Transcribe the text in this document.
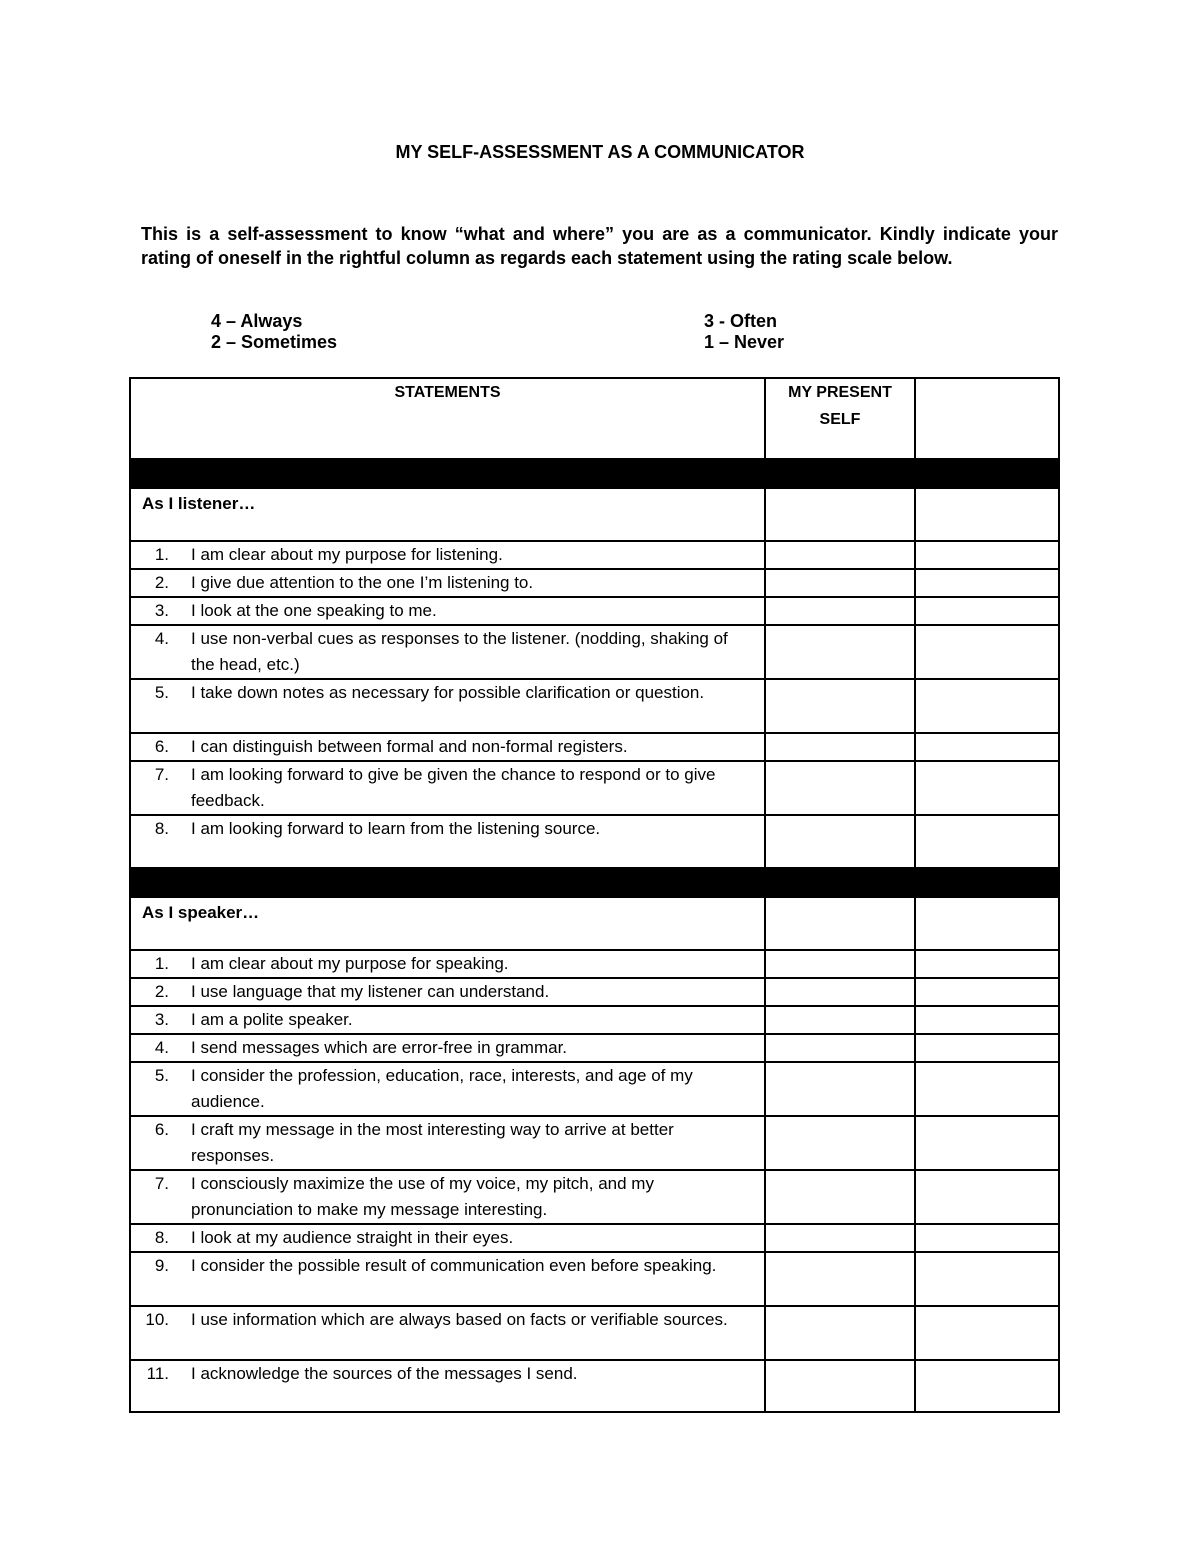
MY SELF-ASSESSMENT AS A COMMUNICATOR

This is a self-assessment to know “what and where” you are as a communicator. Kindly indicate your rating of oneself in the rightful column as regards each statement using the rating scale below.

4 – Always	3 - Often
2 – Sometimes	1 – Never
STATEMENTS	MY PRESENT
SELF	

As I listener…		

1. I am clear about my purpose for listening.		

2. I give due attention to the one I’m listening to.		

3. I look at the one speaking to me.		

4. I use non-verbal cues as responses to the listener. (nodding, shaking of the head, etc.)		

5. I take down notes as necessary for possible clarification or question.		

6. I can distinguish between formal and non-formal registers.		

7. I am looking forward to give be given the chance to respond or to give feedback.		

8. I am looking forward to learn from the listening source.		

As I speaker…		

1. I am clear about my purpose for speaking.		

2. I use language that my listener can understand.		

3. I am a polite speaker.		

4. I send messages which are error-free in grammar.		

5. I consider the profession, education, race, interests, and age of my audience.		

6. I craft my message in the most interesting way to arrive at better responses.		

7. I consciously maximize the use of my voice, my pitch, and my pronunciation to make my message interesting.		

8. I look at my audience straight in their eyes.		

9. I consider the possible result of communication even before speaking.		

10. I use information which are always based on facts or verifiable sources.		

11. I acknowledge the sources of the messages I send.		
